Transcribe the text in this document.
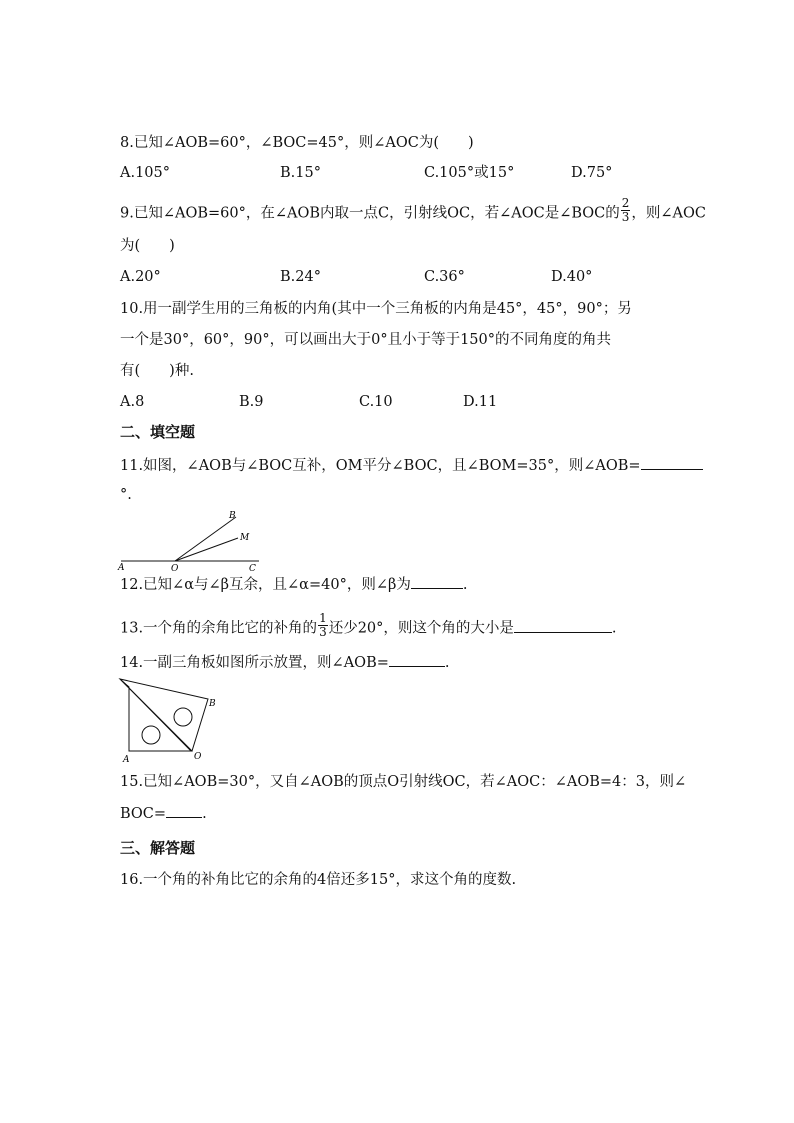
8.已知∠AOB=60°，∠BOC=45°，则∠AOC为(　　)
A.105°	B.15°	C.105°或15°	D.75°
9.已知∠AOB=60°，在∠AOB内取一点C，引射线OC，若∠AOC是∠BOC的 $\frac{2}{3}$ ，则∠AOC
为(　　)
A.20°	B.24°	C.36°	D.40°
10.用一副学生用的三角板的内角(其中一个三角板的内角是45°，45°，90°；另
一个是30°，60°，90°，可以画出大于0°且小于等于150°的不同角度的角共
有(　　)种.
A.8	B.9	C.10	D.11
二、填空题
11.如图，∠AOB与∠BOC互补，OM平分∠BOC，且∠BOM=35°，则∠AOB=
°.
A	O	C
B
M
12.已知∠α与∠β互余，且∠α=40°，则∠β为	.
13.一个角的余角比它的补角的 $\frac{1}{3}$ 还少20°，则这个角的大小是	.
14.一副三角板如图所示放置，则∠AOB=	.
A	O
B
15.已知∠AOB=30°，又自∠AOB的顶点O引射线OC，若∠AOC：∠AOB=4：3，则∠
BOC= .
三、解答题
16.一个角的补角比它的余角的4倍还多15°，求这个角的度数.
